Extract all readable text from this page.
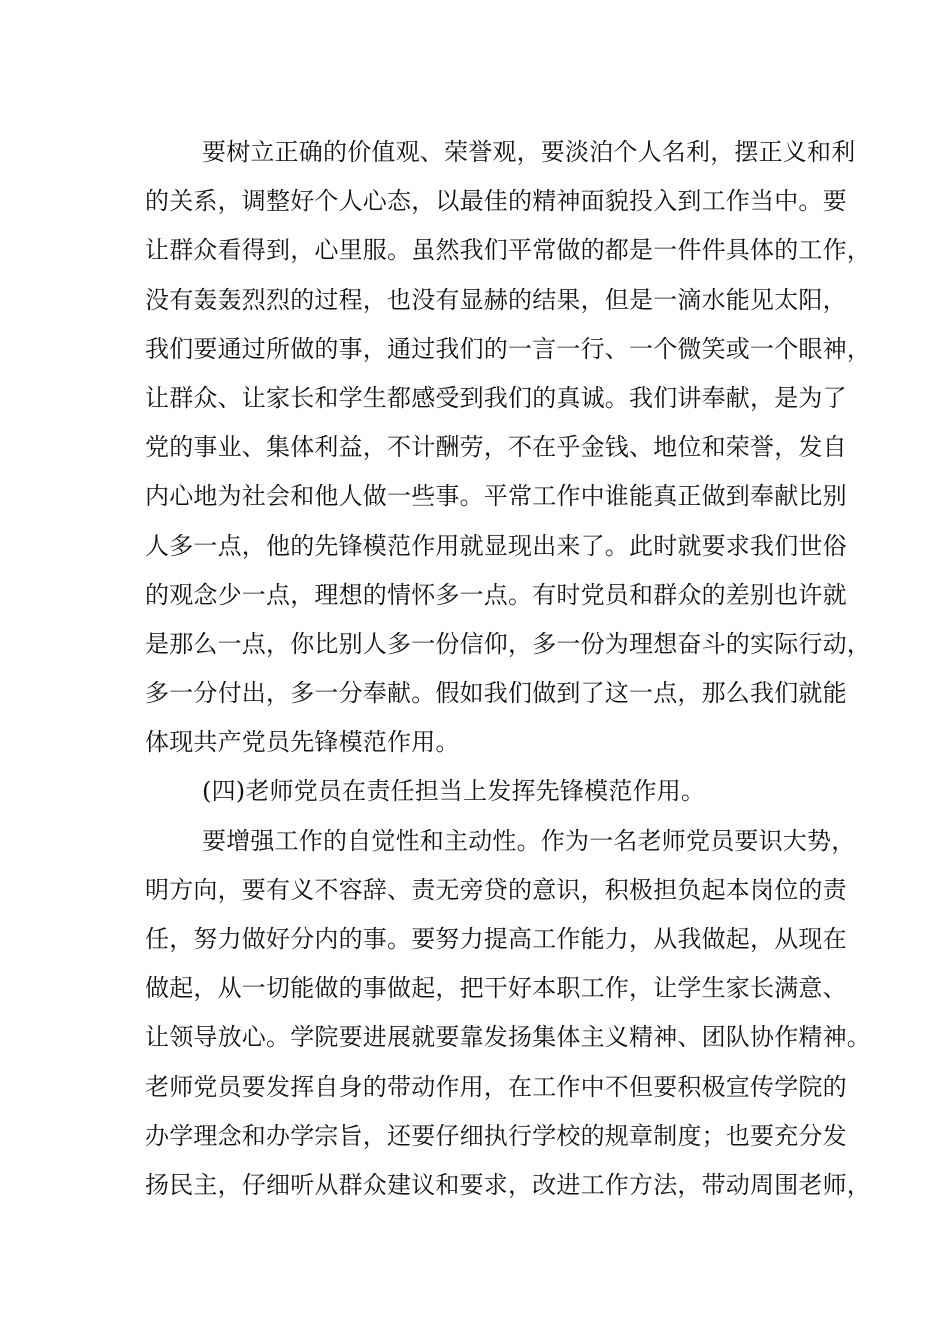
要树立正确的价值观、荣誉观，要淡泊个人名利，摆正义和利
的关系，调整好个人心态，以最佳的精神面貌投入到工作当中。要
让群众看得到，心里服。虽然我们平常做的都是一件件具体的工作，
没有轰轰烈烈的过程，也没有显赫的结果，但是一滴水能见太阳，
我们要通过所做的事，通过我们的一言一行、一个微笑或一个眼神，
让群众、让家长和学生都感受到我们的真诚。我们讲奉献，是为了
党的事业、集体利益，不计酬劳，不在乎金钱、地位和荣誉，发自
内心地为社会和他人做一些事。平常工作中谁能真正做到奉献比别
人多一点，他的先锋模范作用就显现出来了。此时就要求我们世俗
的观念少一点，理想的情怀多一点。有时党员和群众的差别也许就
是那么一点，你比别人多一份信仰，多一份为理想奋斗的实际行动，
多一分付出，多一分奉献。假如我们做到了这一点，那么我们就能
体现共产党员先锋模范作用。
(四)老师党员在责任担当上发挥先锋模范作用。
要增强工作的自觉性和主动性。作为一名老师党员要识大势，
明方向，要有义不容辞、责无旁贷的意识，积极担负起本岗位的责
任，努力做好分内的事。要努力提高工作能力，从我做起，从现在
做起，从一切能做的事做起，把干好本职工作，让学生家长满意、
让领导放心。学院要进展就要靠发扬集体主义精神、团队协作精神。
老师党员要发挥自身的带动作用，在工作中不但要积极宣传学院的
办学理念和办学宗旨，还要仔细执行学校的规章制度；也要充分发
扬民主，仔细听从群众建议和要求，改进工作方法，带动周围老师，
